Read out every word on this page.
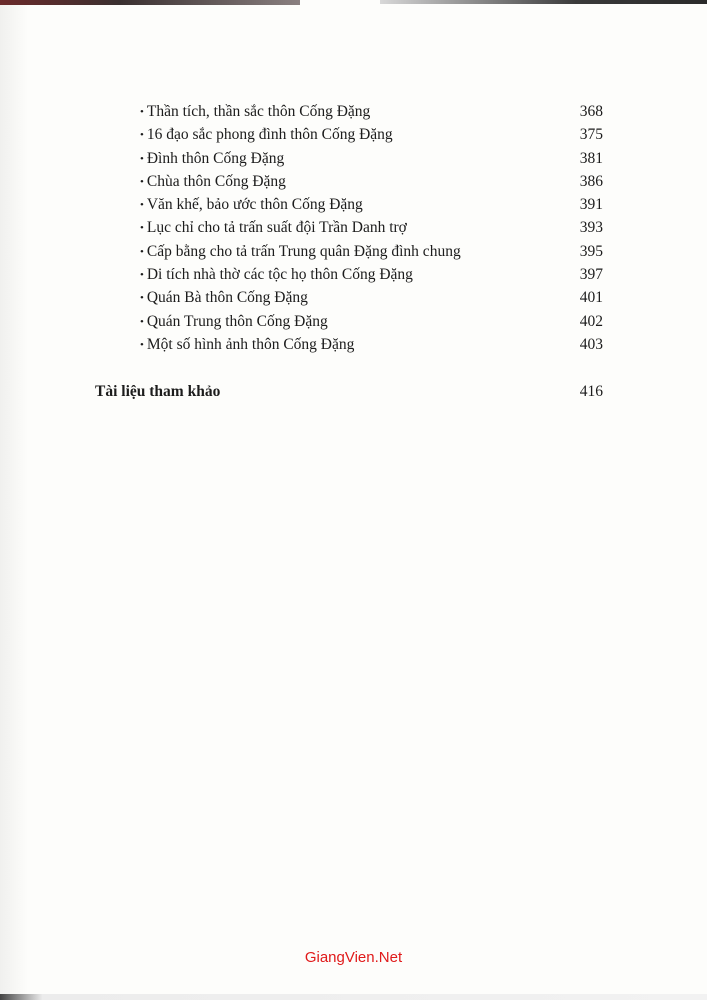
• Thần tích, thần sắc thôn Cống Đặng	368
• 16 đạo sắc phong đình thôn Cống Đặng	375
• Đình thôn Cống Đặng	381
• Chùa thôn Cống Đặng	386
• Văn khế, bảo ước thôn Cống Đặng	391
• Lục chỉ cho tả trấn suất đội Trần Danh trợ	393
• Cấp bằng cho tả trấn Trung quân Đặng đình chung	395
• Di tích nhà thờ các tộc họ thôn Cống Đặng	397
• Quán Bà thôn Cống Đặng	401
• Quán Trung thôn Cống Đặng	402
• Một số hình ảnh thôn Cống Đặng	403
Tài liệu tham khảo	416
GiangVien.Net
